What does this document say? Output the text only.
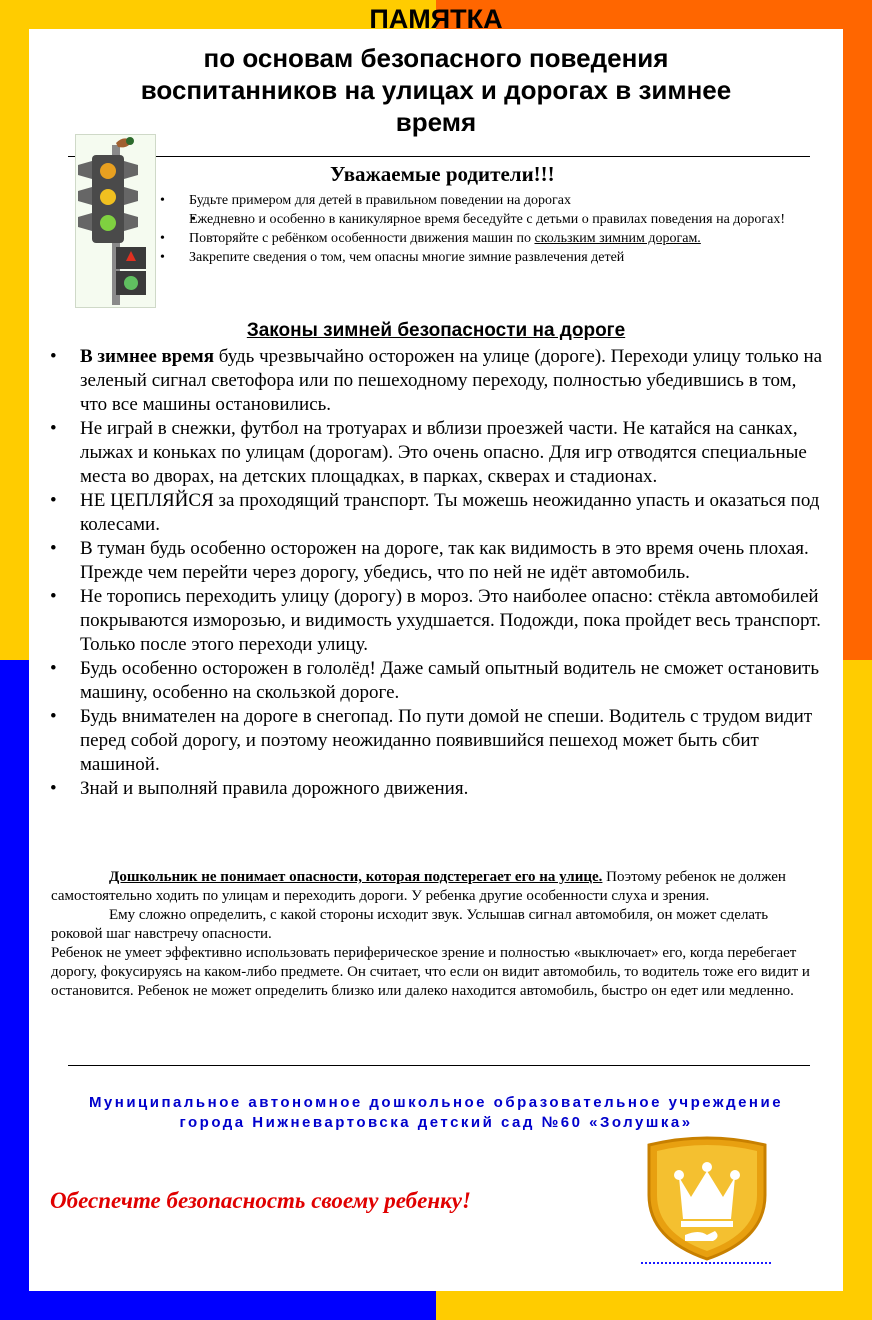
ПАМЯТКА
по основам безопасного поведения воспитанников на улицах и дорогах в зимнее время
Уважаемые родители!!!
• Будьте примером для детей в правильном поведении на дорогах
• Ежедневно и особенно в каникулярное время беседуйте с детьми о правилах поведения на дорогах!
• Повторяйте с ребёнком особенности движения машин по скользким зимним дорогам.
• Закрепите сведения о том, чем опасны многие зимние развлечения детей
Законы зимней безопасности на дороге
• В зимнее время будь чрезвычайно осторожен на улице (дороге). Переходи улицу только на зеленый сигнал светофора или по пешеходному переходу, полностью убедившись в том, что все машины остановились.
• Не играй в снежки, футбол на тротуарах и вблизи проезжей части. Не катайся на санках, лыжах и коньках по улицам (дорогам). Это очень опасно. Для игр отводятся специальные места во дворах, на детских площадках, в парках, скверах и стадионах.
• НЕ ЦЕПЛЯЙСЯ за проходящий транспорт. Ты можешь неожиданно упасть и оказаться под колесами.
• В туман будь особенно осторожен на дороге, так как видимость в это время очень плохая. Прежде чем перейти через дорогу, убедись, что по ней не идёт автомобиль.
• Не торопись переходить улицу (дорогу) в мороз. Это наиболее опасно: стёкла автомобилей покрываются изморозью, и видимость ухудшается. Подожди, пока пройдет весь транспорт. Только после этого переходи улицу.
• Будь особенно осторожен в гололёд! Даже самый опытный водитель не сможет остановить машину, особенно на скользкой дороге.
• Будь внимателен на дороге в снегопад. По пути домой не спеши. Водитель с трудом видит перед собой дорогу, и поэтому неожиданно появившийся пешеход может быть сбит машиной.
• Знай и выполняй правила дорожного движения.

Дошкольник не понимает опасности, которая подстерегает его на улице. Поэтому ребенок не должен самостоятельно ходить по улицам и переходить дороги. У ребенка другие особенности слуха и зрения.

Ему сложно определить, с какой стороны исходит звук. Услышав сигнал автомобиля, он может сделать роковой шаг навстречу опасности.

Ребенок не умеет эффективно использовать периферическое зрение и полностью «выключает» его, когда перебегает дорогу, фокусируясь на каком-либо предмете. Он считает, что если он видит автомобиль, то водитель тоже его видит и остановится. Ребенок не может определить близко или далеко находится автомобиль, быстро он едет или медленно.

Муниципальное автономное дошкольное образовательное учреждение
города Нижневартовска детский сад №60 «Золушка»
Обеспечте безопасность своему ребенку!
